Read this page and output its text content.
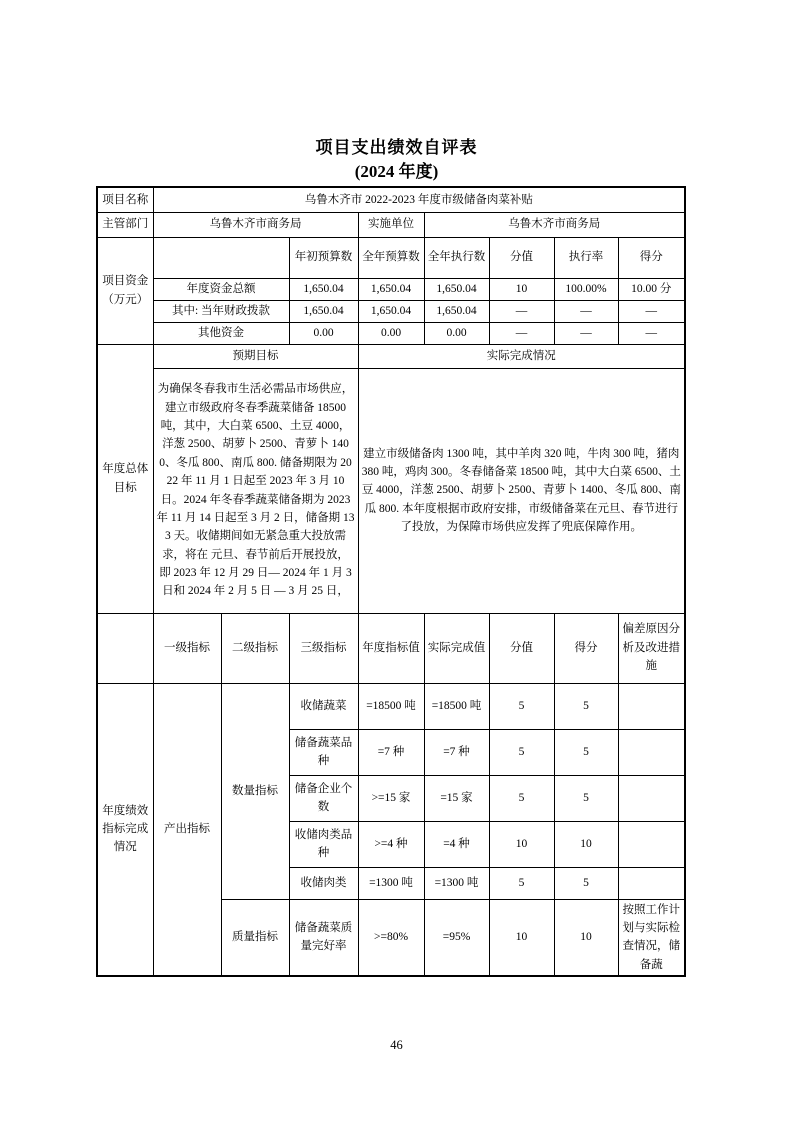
项目支出绩效自评表
(2024 年度)
项目名称	乌鲁木齐市 2022-2023 年度市级储备肉菜补贴							
主管部门	乌鲁木齐市商务局			实施单位	乌鲁木齐市商务局			
项目资金（万元）			年初预算数	全年预算数	全年执行数	分值	执行率	得分
	年度资金总额		1,650.04	1,650.04	1,650.04	10	100.00%	10.00 分
	其中: 当年财政拨款		1,650.04	1,650.04	1,650.04	—	—	—
	其他资金		0.00	0.00	0.00	—	—	—
年度总体目标	预期目标			实际完成情况				
	为确保冬春我市生活必需品市场供应，建立市级政府冬春季蔬菜储备 18500 吨，其中，大白菜 6500、土豆 4000，洋葱 2500、胡萝卜 2500、青萝卜 1400、冬瓜 800、南瓜 800. 储备期限为 2022 年 11 月 1 日起至 2023 年 3 月 10 日。2024 年冬春季蔬菜储备期为 2023 年 11 月 14 日起至 3 月 2 日，储备期 133 天。收储期间如无紧急重大投放需求，将在 元旦、春节前后开展投放，即 2023 年 12 月 29 日— 2024 年 1 月 3 日和 2024 年 2 月 5 日 — 3 月 25 日，			建立市级储备肉 1300 吨，其中羊肉 320 吨，牛肉 300 吨，猪肉 380 吨，鸡肉 300。冬春储备菜 18500 吨，其中大白菜 6500、土豆 4000，洋葱 2500、胡萝卜 2500、青萝卜 1400、冬瓜 800、南瓜 800. 本年度根据市政府安排，市级储备菜在元旦、春节进行了投放，为保障市场供应发挥了兜底保障作用。				
	一级指标	二级指标	三级指标	年度指标值	实际完成值	分值	得分	偏差原因分析及改进措施
年度绩效指标完成情况	产出指标	数量指标	收储蔬菜	=18500 吨	=18500 吨	5	5	
			储备蔬菜品种	=7 种	=7 种	5	5	
			储备企业个数	>=15 家	=15 家	5	5	
			收储肉类品种	>=4 种	=4 种	10	10	
			收储肉类	=1300 吨	=1300 吨	5	5	
		质量指标	储备蔬菜质量完好率	>=80%	=95%	10	10	按照工作计划与实际检查情况，储备蔬
46
